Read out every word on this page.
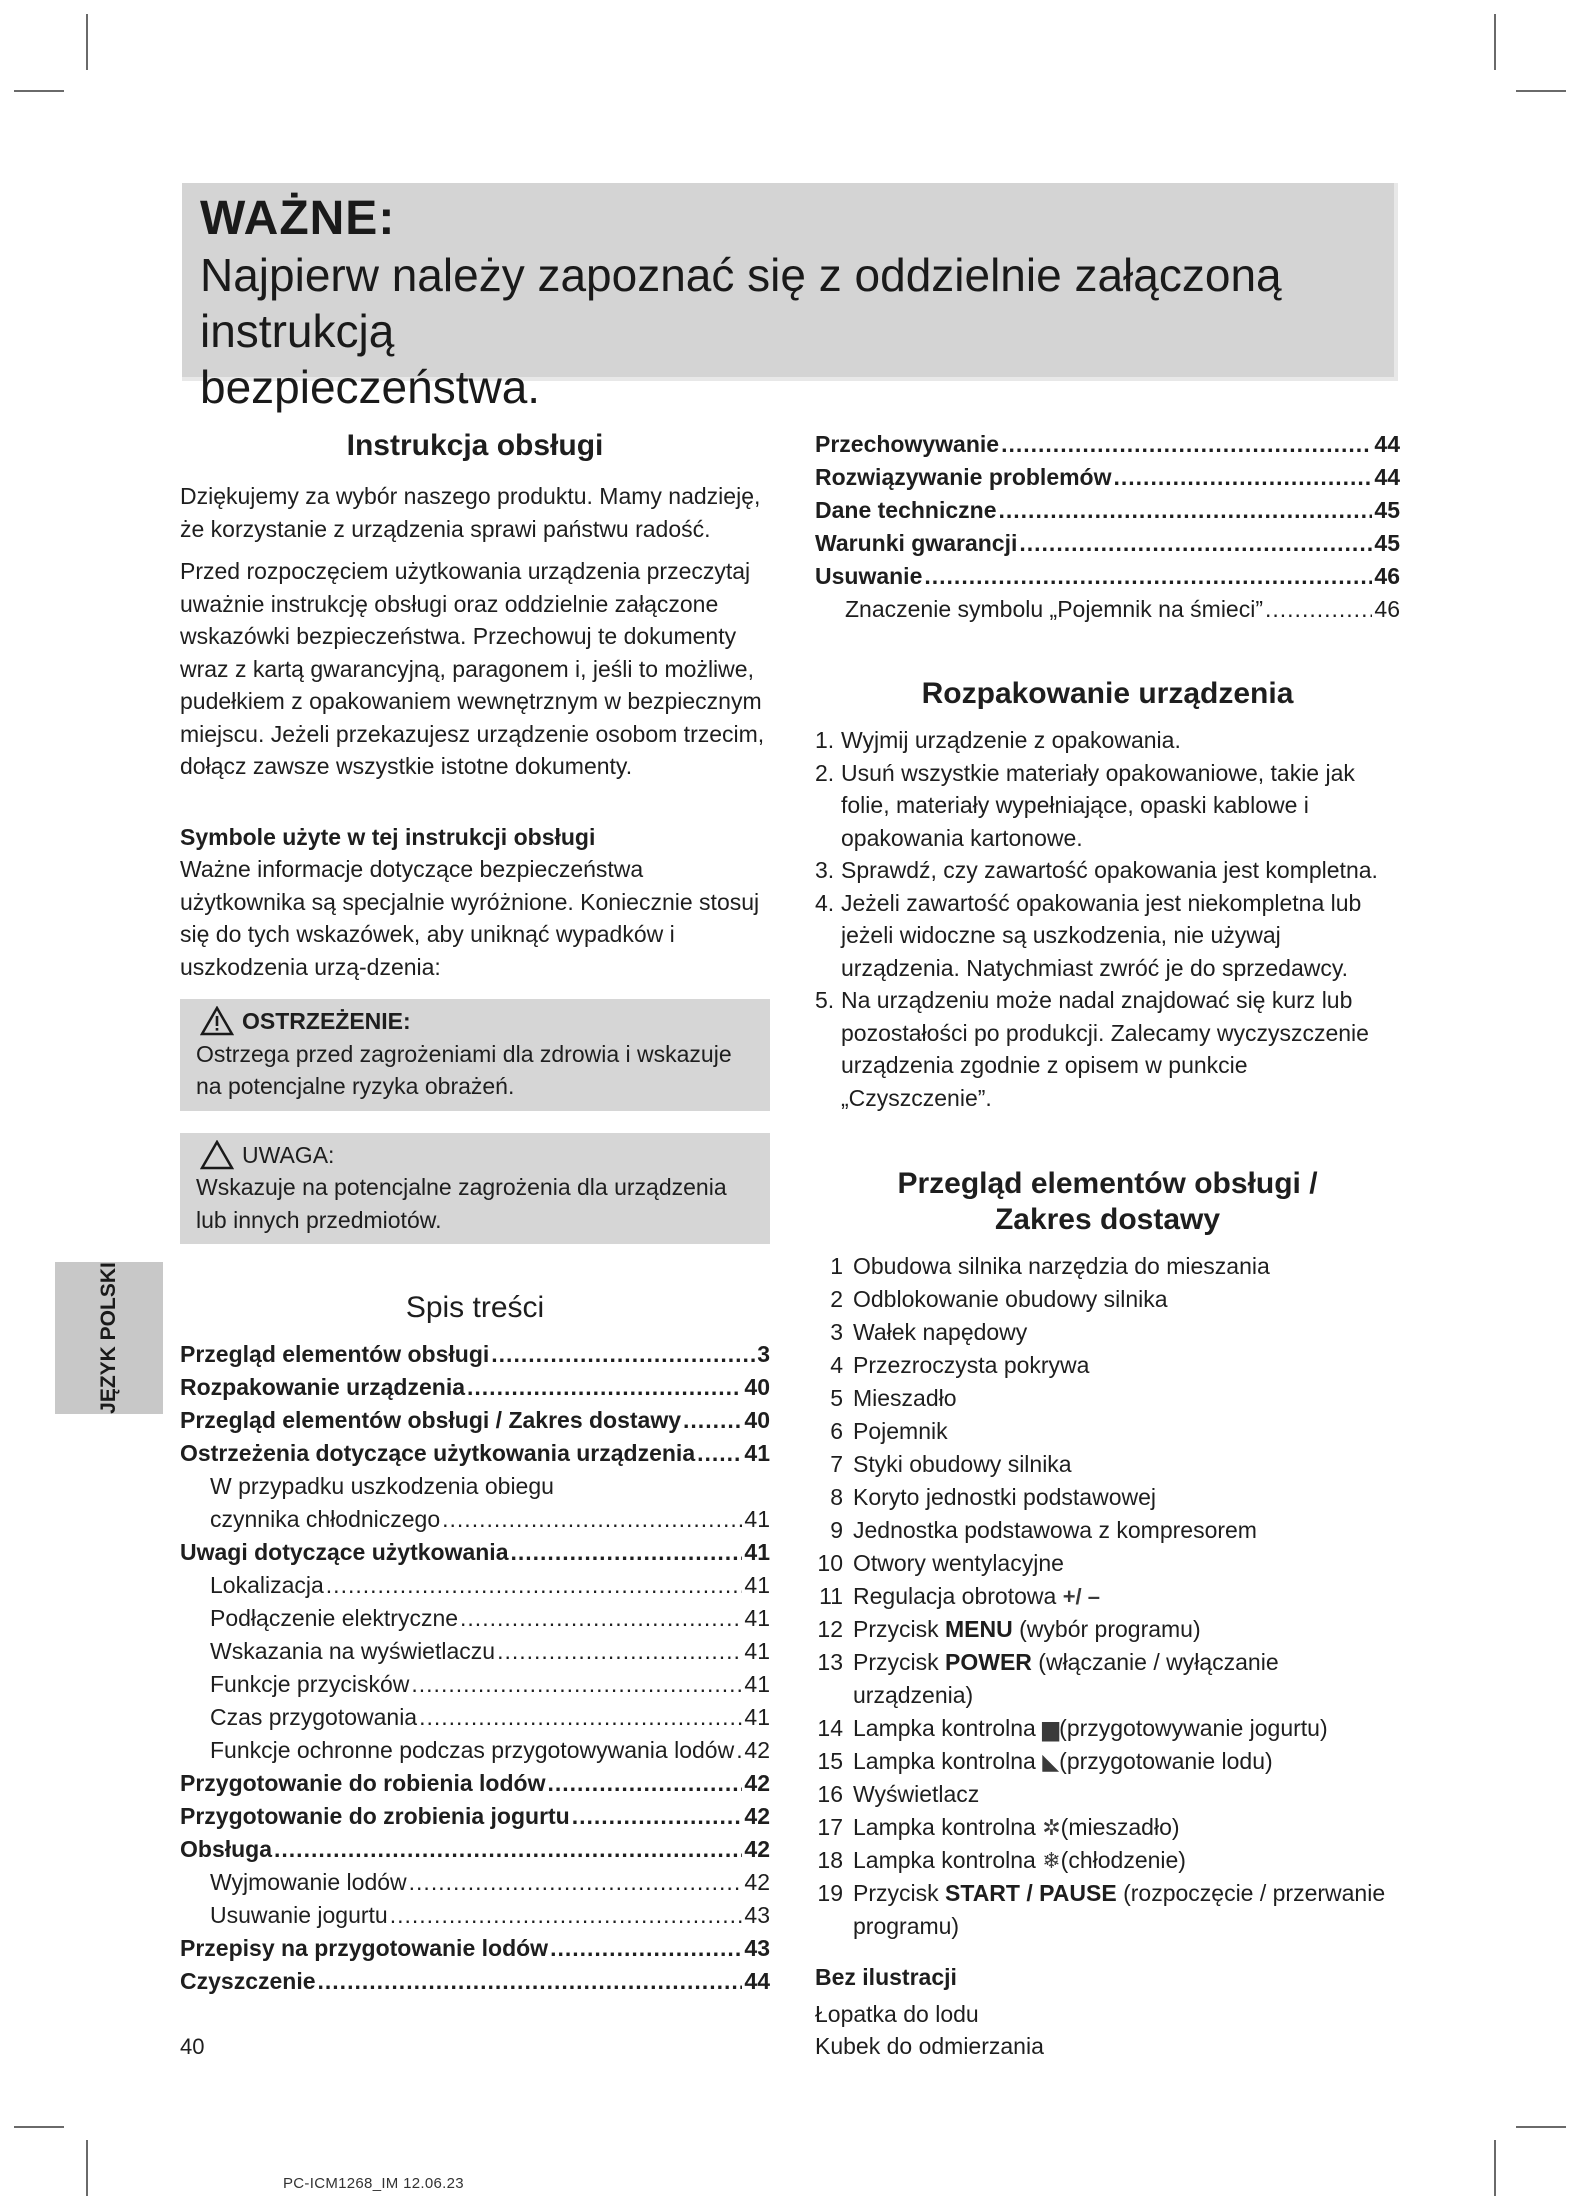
WAŻNE:
Najpierw należy zapoznać się z oddzielnie załączoną instrukcją
bezpieczeństwa.
JĘZYK POLSKI
Instrukcja obsługi

Dziękujemy za wybór naszego produktu. Mamy nadzieję, że korzystanie z urządzenia sprawi państwu radość.

Przed rozpoczęciem użytkowania urządzenia przeczytaj uważnie instrukcję obsługi oraz oddzielnie załączone wskazówki bezpieczeństwa. Przechowuj te dokumenty wraz z kartą gwarancyjną, paragonem i, jeśli to możliwe, pudełkiem z opakowaniem wewnętrznym w bezpiecznym miejscu. Jeżeli przekazujesz urządzenie osobom trzecim, dołącz zawsze wszystkie istotne dokumenty.

Symbole użyte w tej instrukcji obsługi

Ważne informacje dotyczące bezpieczeństwa użytkownika są specjalnie wyróżnione. Koniecznie stosuj się do tych wskazówek, aby uniknąć wypadków i uszkodzenia urzą-dzenia:

OSTRZEŻENIE:

Ostrzega przed zagrożeniami dla zdrowia i wskazuje na potencjalne ryzyka obrażeń.

UWAGA:

Wskazuje na potencjalne zagrożenia dla urządzenia lub innych przedmiotów.

Spis treści
Przegląd elementów obsługi .....	3
Rozpakowanie urządzenia .....	40
Przegląd elementów obsługi / Zakres dostawy .....	40
Ostrzeżenia dotyczące użytkowania urządzenia ..... 41
W przypadku uszkodzenia obiegu
czynnika chłodniczego .....	41
Uwagi dotyczące użytkowania .....	41
Lokalizacja .....	41
Podłączenie elektryczne .....	41
Wskazania na wyświetlaczu .....	41
Funkcje przycisków .....	41
Czas przygotowania .....	41
Funkcje ochronne podczas przygotowywania lodów ..... 42
Przygotowanie do robienia lodów .....	42
Przygotowanie do zrobienia jogurtu .....	42
Obsługa .....	42
Wyjmowanie lodów .....	42
Usuwanie jogurtu .....	43
Przepisy na przygotowanie lodów .....	43
Czyszczenie .....	44
Przechowywanie .....	44
Rozwiązywanie problemów .....	44
Dane techniczne .....	45
Warunki gwarancji .....	45
Usuwanie .....	46
Znaczenie symbolu „Pojemnik na śmieci” .....	46
Rozpakowanie urządzenia
1. Wyjmij urządzenie z opakowania.
2. Usuń wszystkie materiały opakowaniowe, takie jak folie, materiały wypełniające, opaski kablowe i opakowania kartonowe.
3. Sprawdź, czy zawartość opakowania jest kompletna.
4. Jeżeli zawartość opakowania jest niekompletna lub jeżeli widoczne są uszkodzenia, nie używaj urządzenia. Natychmiast zwróć je do sprzedawcy.
5. Na urządzeniu może nadal znajdować się kurz lub pozostałości po produkcji. Zalecamy wyczyszczenie urządzenia zgodnie z opisem w punkcie „Czyszczenie”.
Przegląd elementów obsługi /
Zakres dostawy
1 Obudowa silnika narzędzia do mieszania
2 Odblokowanie obudowy silnika
3 Wałek napędowy
4 Przezroczysta pokrywa
5 Mieszadło
6 Pojemnik
7 Styki obudowy silnika
8 Koryto jednostki podstawowej
9 Jednostka podstawowa z kompresorem
10 Otwory wentylacyjne
11 Regulacja obrotowa +/ –
12 Przycisk MENU (wybór programu)
13 Przycisk POWER (włączanie / wyłączanie urządzenia)
14 Lampka kontrolna ▆(przygotowywanie jogurtu)
15 Lampka kontrolna ◣(przygotowanie lodu)
16 Wyświetlacz
17 Lampka kontrolna ✲(mieszadło)
18 Lampka kontrolna ❄(chłodzenie)
19 Przycisk START / PAUSE (rozpoczęcie / przerwanie
programu)
Bez ilustracji
Łopatka do lodu
Kubek do odmierzania
40
PC-ICM1268_IM 12.06.23
